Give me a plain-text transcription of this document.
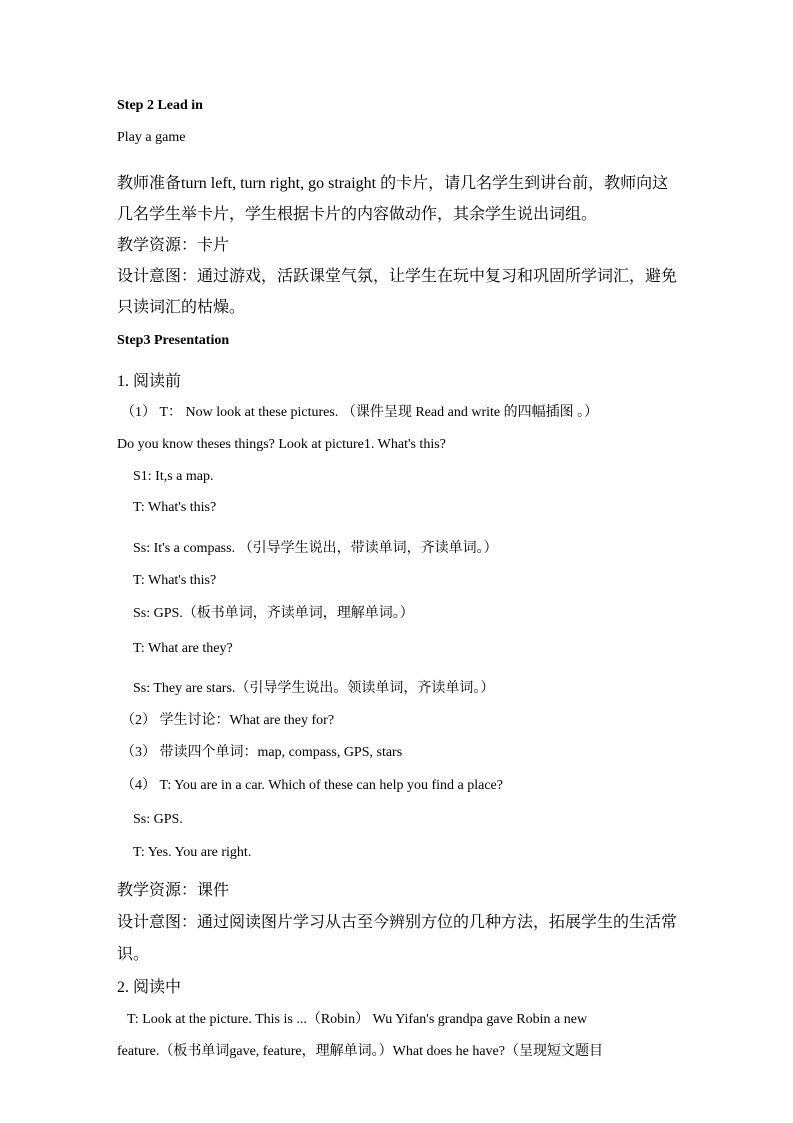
Step 2 Lead in
Play a game
教师准备turn left, turn right, go straight 的卡片，请几名学生到讲台前，教师向这
几名学生举卡片，学生根据卡片的内容做动作，其余学生说出词组。
教学资源：卡片
设计意图：通过游戏，活跃课堂气氛，让学生在玩中复习和巩固所学词汇，避免
只读词汇的枯燥。
Step3 Presentation
1. 阅读前
（1） T： Now look at these pictures. （课件呈现 Read and write 的四幅插图 。）
Do you know theses things? Look at picture1. What's this?
S1: It,s a map.
T: What's this?
Ss: It's a compass. （引导学生说出，带读单词，齐读单词。）
T: What's this?
Ss: GPS.（板书单词，齐读单词，理解单词。）
T: What are they?
Ss: They are stars.（引导学生说出。领读单词，齐读单词。）
（2） 学生讨论：What are they for?
（3） 带读四个单词：map, compass, GPS, stars
（4） T: You are in a car. Which of these can help you find a place?
Ss: GPS.
T: Yes. You are right.
教学资源：课件
设计意图：通过阅读图片学习从古至今辨别方位的几种方法，拓展学生的生活常
识。
2. 阅读中
T: Look at the picture. This is ...（Robin） Wu Yifan's grandpa gave Robin a new
feature.（板书单词gave, feature，理解单词。）What does he have?（呈现短文题目
